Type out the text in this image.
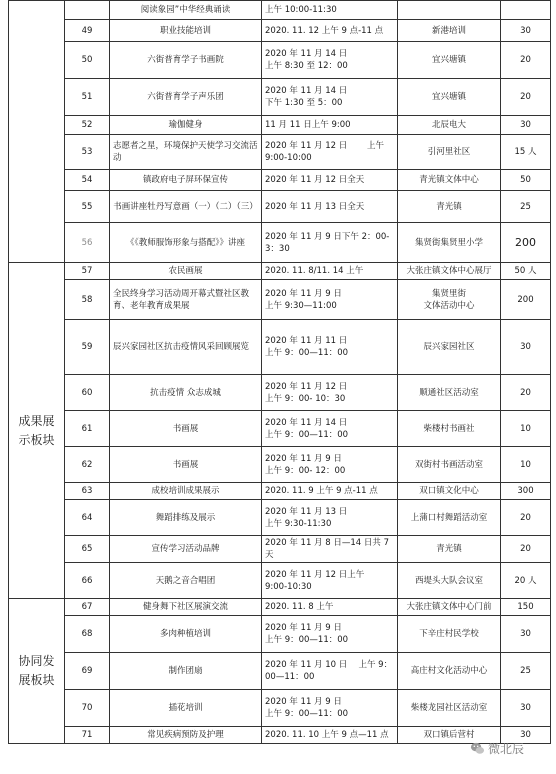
		阅读象园”中华经典诵读	上午 10:00-11:30		
	49	职业技能培训	2020. 11. 12 上午 9 点-11 点	新港培训	30
	50	六街普育学子书画院	2020 年 11 月 14 日
上午 8:30 至 12：00	宜兴塘镇	20
	51	六街普育学子声乐团	2020 年 11 月 14 日
下午 1:30 至 5：00	宜兴塘镇	20
	52	瑜伽健身	11 月 11 日上午 9:00	北辰电大	30
	53	志愿者之星，环境保护天使学习交流活动	2020 年 11 月 12 日 　　上午
9:00-10:00	引河里社区	15 人
	54	镇政府电子屏环保宣传	2020 年 11 月 12 日全天	青光镇文体中心	50
	55	书画讲座牡丹写意画（一）（二）（三）	2020 年 11 月 13 日全天	青光镇	25
	56	《《教师服饰形象与搭配》》讲座	2020 年 11 月 9 日下午 2：00-3：30	集贤街集贤里小学	200
成果展
示板块	57	农民画展	2020. 11. 8/11. 14 上午	大张庄镇文体中心展厅	50 人
	58	全民终身学习活动周开幕式暨社区教育、老年教育成果展	2020 年 11 月 9 日
上午 9:30—11:00	集贤里街
文体活动中心	200
	59	辰兴家园社区抗击疫情风采回顾展览	2020 年 11 月 11 日
上午 9：00—11：00	辰兴家园社区	30
	60	抗击疫情 众志成城	2020 年 11 月 12 日
上午 9：00- 10：30	顺通社区活动室	20
	61	书画展	2020 年 11 月 14 日
上午 9：00—11：00	柴楼村书画社	10
	62	书画展	2020 年 11 月 9 日
上午 9：00- 12：00	双街村书画活动室	10
	63	成校培训成果展示	2020. 11. 9 上午 9 点-11 点	双口镇文化中心	300
	64	舞蹈排练及展示	2020 年 11 月 13 日
上午 9:30-11:30	上蒲口村舞蹈活动室	20
	65	宣传学习活动品牌	2020 年 11 月 8 日—14 日共 7 天	青光镇	20
	66	天鹅之音合唱团	2020 年 11 月 12 日上午
9:00-10:30	西堤头大队会议室	20 人
协同发
展板块	67	健身舞下社区展演交流	2020. 11. 8 上午	大张庄镇文体中心门前	150
	68	多肉种植培训	2020 年 11 月 9 日
上午 9：00—11：00	下辛庄村民学校	30
	69	制作团扇	2020 年 11 月 10 日 　上午 9：
00—11：00	高庄村文化活动中心	25
	70	插花培训	2020 年 11 月 9 日
上午 9：00—11：00	柴楼龙园社区活动室	30
	71	常见疾病预防及护理	2020. 11. 10 上午 9 点—11 点	双口镇后营村	30
微北辰
